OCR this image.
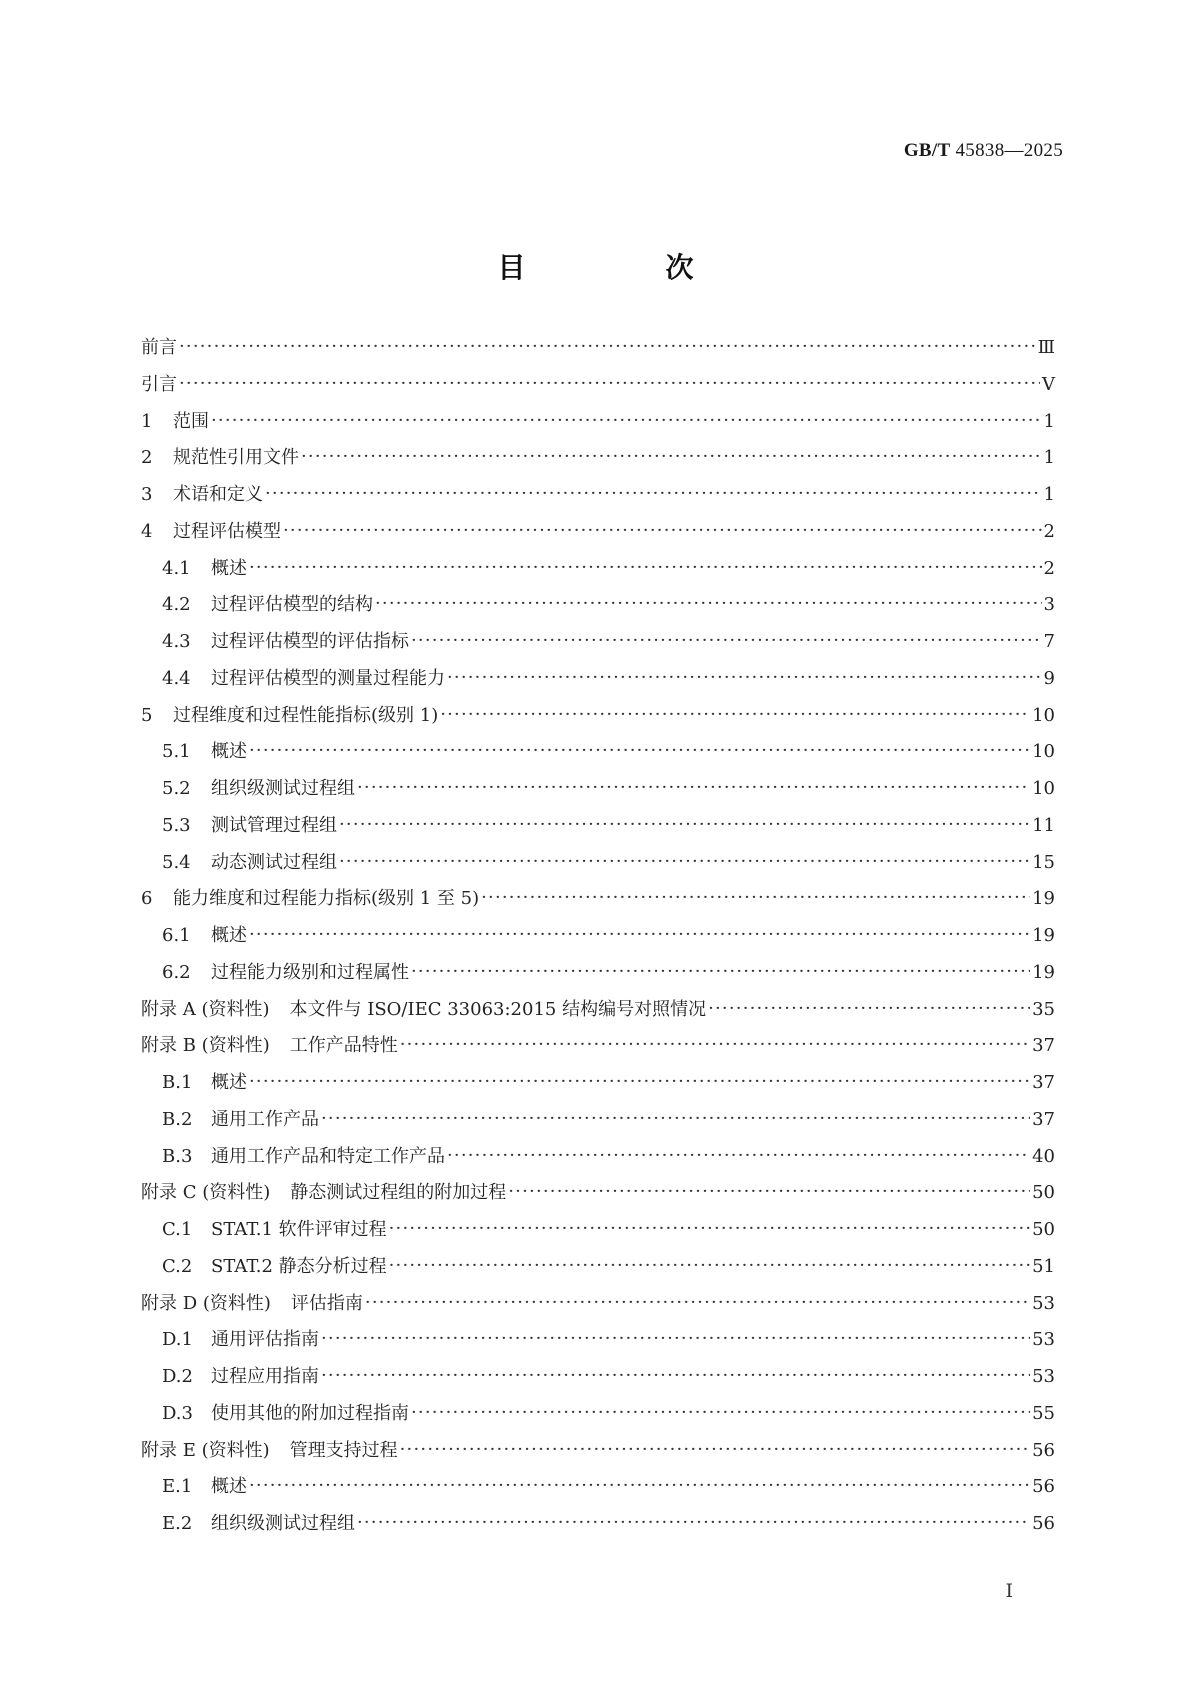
GB/T 45838—2025
目　次
前言 ·····	Ⅲ
引言 ·····	Ⅴ
1	范围 ·····	1
2	规范性引用文件 ·····	1
3	术语和定义 ·····	1
4	过程评估模型 ·····	2
4.1	概述 ·····	2
4.2	过程评估模型的结构 ·····	3
4.3	过程评估模型的评估指标 ·····	7
4.4	过程评估模型的测量过程能力 ·····	9
5	过程维度和过程性能指标(级别 1) ·····	10
5.1	概述 ·····	10
5.2	组织级测试过程组 ·····	10
5.3	测试管理过程组 ·····	11
5.4	动态测试过程组 ·····	15
6	能力维度和过程能力指标(级别 1 至 5) ·····	19
6.1	概述 ·····	19
6.2	过程能力级别和过程属性 ·····	19
附录 A (资料性) 本文件与 ISO/IEC 33063:2015 结构编号对照情况 ·····	35
附录 B (资料性) 工作产品特性 ·····	37
B.1	概述 ·····	37
B.2	通用工作产品 ·····	37
B.3	通用工作产品和特定工作产品 ·····	40
附录 C (资料性) 静态测试过程组的附加过程 ·····	50
C.1	STAT.1 软件评审过程 ·····	50
C.2	STAT.2 静态分析过程 ·····	51
附录 D (资料性) 评估指南 ·····	53
D.1	通用评估指南 ·····	53
D.2	过程应用指南 ·····	53
D.3	使用其他的附加过程指南 ·····	55
附录 E (资料性) 管理支持过程 ·····	56
E.1	概述 ·····	56
E.2	组织级测试过程组 ·····	56
I
